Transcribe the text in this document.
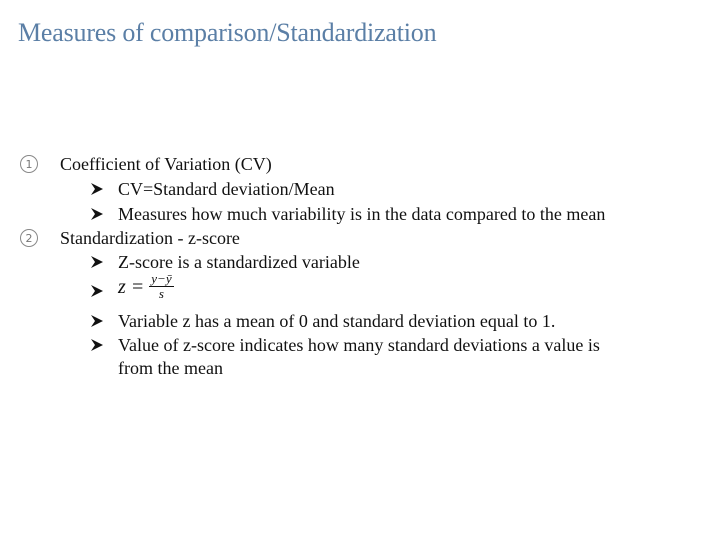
Measures of comparison/Standardization
1	Coefficient of Variation (CV)
CV=Standard deviation/Mean
Measures how much variability is in the data compared to the mean
2	Standardization - z-score
Z-score is a standardized variable
$z = \frac{y-ȳ}{s}$
Variable z has a mean of 0 and standard deviation equal to 1.
Value of z-score indicates how many standard deviations a value is
from the mean
